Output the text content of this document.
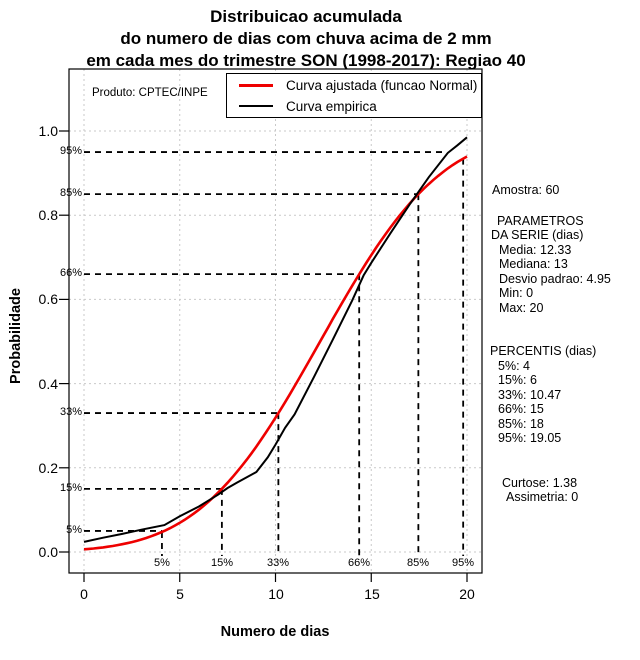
Distribuicao acumulada
do numero de dias com chuva acima de 2 mm
em cada mes do trimestre SON (1998-2017): Regiao 40
Produto: CPTEC/INPE
Curva ajustada (funcao Normal)
Curva empirica
0.0
0.2
0.6
0.4
0.8
1.0
0	5	10	15	20
5%
15%
33%
66%
85%
95%
5%	15%	33%	66%	85%	95%
Numero de dias
Probabilidade
Amostra: 60
PARAMETROS
DA SERIE (dias)
Media: 12.33
Mediana: 13
Desvio padrao: 4.95
Min: 0
Max: 20
PERCENTIS (dias)
5%: 4
15%: 6
33%: 10.47
66%: 15
85%: 18
95%: 19.05
Curtose: 1.38
Assimetria: 0
